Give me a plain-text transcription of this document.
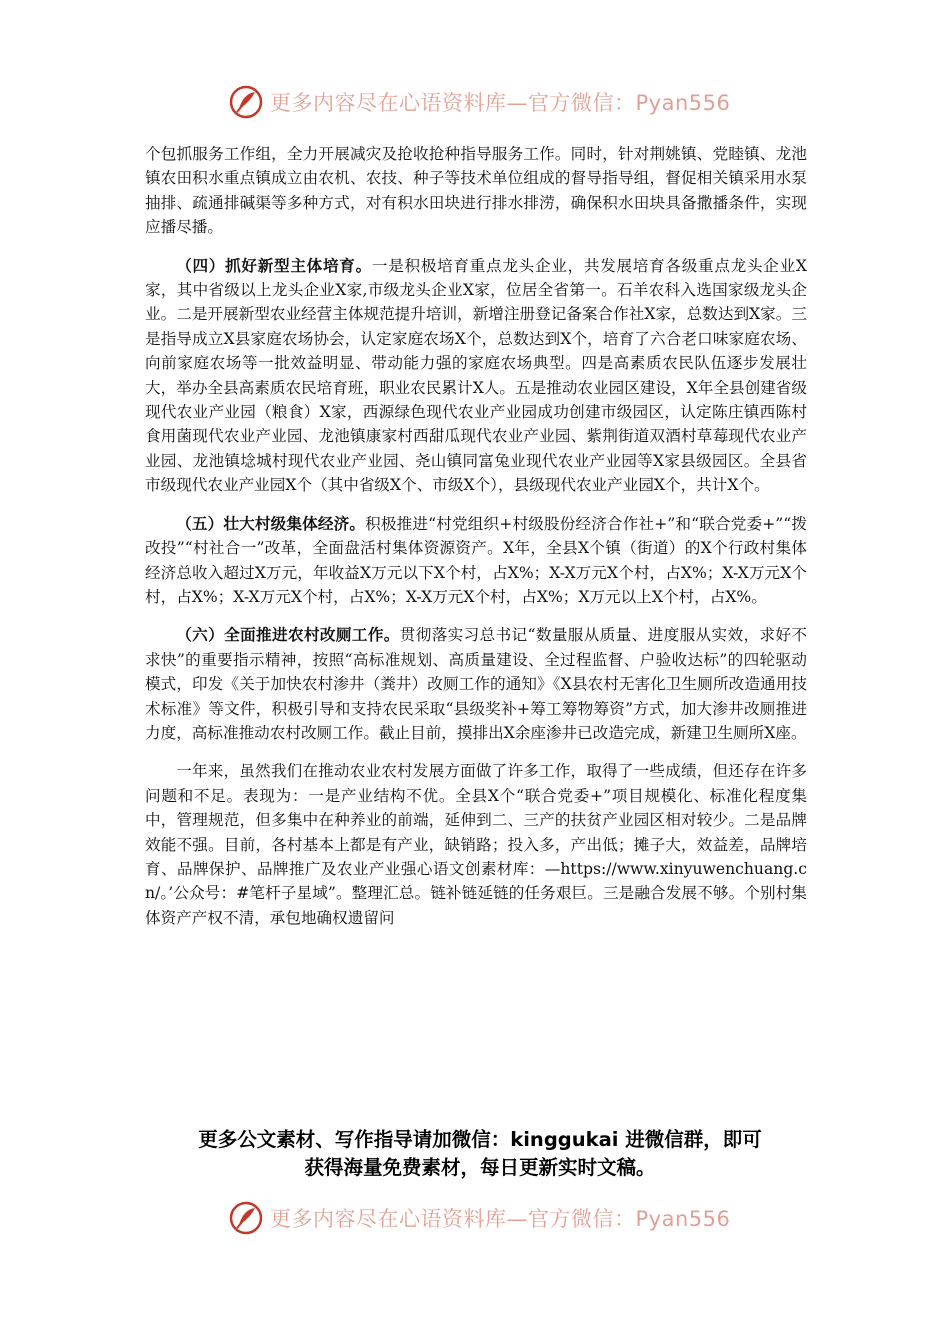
更多内容尽在心语资料库—官方微信：Pyan556

个包抓服务工作组，全力开展减灾及抢收抢种指导服务工作。同时，针对荆姚镇、党睦镇、龙池镇农田积水重点镇成立由农机、农技、种子等技术单位组成的督导指导组，督促相关镇采用水泵抽排、疏通排碱渠等多种方式，对有积水田块进行排水排涝，确保积水田块具备撒播条件，实现应播尽播。

（四）抓好新型主体培育。一是积极培育重点龙头企业，共发展培育各级重点龙头企业X家，其中省级以上龙头企业X家,市级龙头企业X家，位居全省第一。石羊农科入选国家级龙头企业。二是开展新型农业经营主体规范提升培训，新增注册登记备案合作社X家，总数达到X家。三是指导成立X县家庭农场协会，认定家庭农场X个，总数达到X个，培育了六合老口味家庭农场、向前家庭农场等一批效益明显、带动能力强的家庭农场典型。四是高素质农民队伍逐步发展壮大，举办全县高素质农民培育班，职业农民累计X人。五是推动农业园区建设，X年全县创建省级现代农业产业园（粮食）X家，西源绿色现代农业产业园成功创建市级园区，认定陈庄镇西陈村食用菌现代农业产业园、龙池镇康家村西甜瓜现代农业产业园、紫荆街道双酒村草莓现代农业产业园、龙池镇埝城村现代农业产业园、尧山镇同富兔业现代农业产业园等X家县级园区。全县省市级现代农业产业园X个（其中省级X个、市级X个），县级现代农业产业园X个，共计X个。

（五）壮大村级集体经济。积极推进“村党组织+村级股份经济合作社+”和“联合党委+”“拨改投”“村社合一”改革，全面盘活村集体资源资产。X年，全县X个镇（街道）的X个行政村集体经济总收入超过X万元，年收益X万元以下X个村，占X%；X-X万元X个村，占X%；X-X万元X个村，占X%；X-X万元X个村，占X%；X-X万元X个村，占X%；X万元以上X个村，占X%。

（六）全面推进农村改厕工作。贯彻落实习总书记“数量服从质量、进度服从实效，求好不求快”的重要指示精神，按照“高标准规划、高质量建设、全过程监督、户验收达标”的四轮驱动模式，印发《关于加快农村渗井（粪井）改厕工作的通知》《X县农村无害化卫生厕所改造通用技术标准》等文件，积极引导和支持农民采取“县级奖补+筹工筹物筹资”方式，加大渗井改厕推进力度，高标准推动农村改厕工作。截止目前，摸排出X余座渗井已改造完成，新建卫生厕所X座。

一年来，虽然我们在推动农业农村发展方面做了许多工作，取得了一些成绩，但还存在许多问题和不足。表现为：一是产业结构不优。全县X个“联合党委+”项目规模化、标准化程度集中，管理规范，但多集中在种养业的前端，延伸到二、三产的扶贫产业园区相对较少。二是品牌效能不强。目前，各村基本上都是有产业，缺销路；投入多，产出低；摊子大，效益差，品牌培育、品牌保护、品牌推广及农业产业强心语文创素材库：—https://www.xinyuwenchuang.cn/。’公众号：#笔杆子星域”。整理汇总。链补链延链的任务艰巨。三是融合发展不够。个别村集体资产产权不清，承包地确权遗留问

更多公文素材、写作指导请加微信：kinggukai 进微信群，即可
获得海量免费素材，每日更新实时文稿。
更多内容尽在心语资料库—官方微信：Pyan556
